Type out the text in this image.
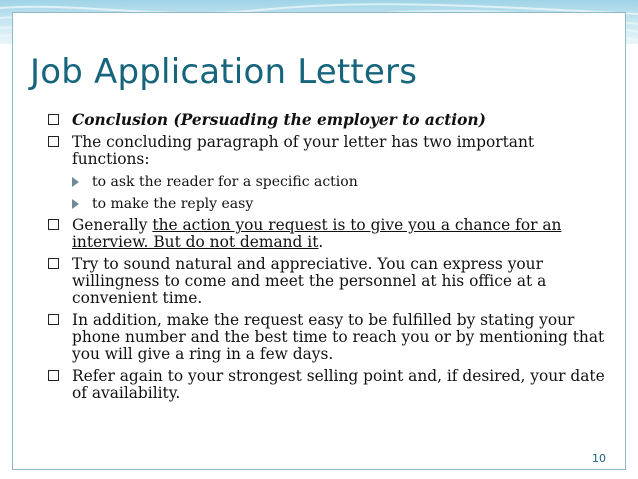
Job Application Letters
Conclusion (Persuading the employer to action)
The concluding paragraph of your letter has two important functions:
to ask the reader for a specific action
to make the reply easy
Generally the action you request is to give you a chance for an interview. But do not demand it.
Try to sound natural and appreciative. You can express your willingness to come and meet the personnel at his office at a convenient time.
In addition, make the request easy to be fulfilled by stating your phone number and the best time to reach you or by mentioning that you will give a ring in a few days.
Refer again to your strongest selling point and, if desired, your date of availability.
10
